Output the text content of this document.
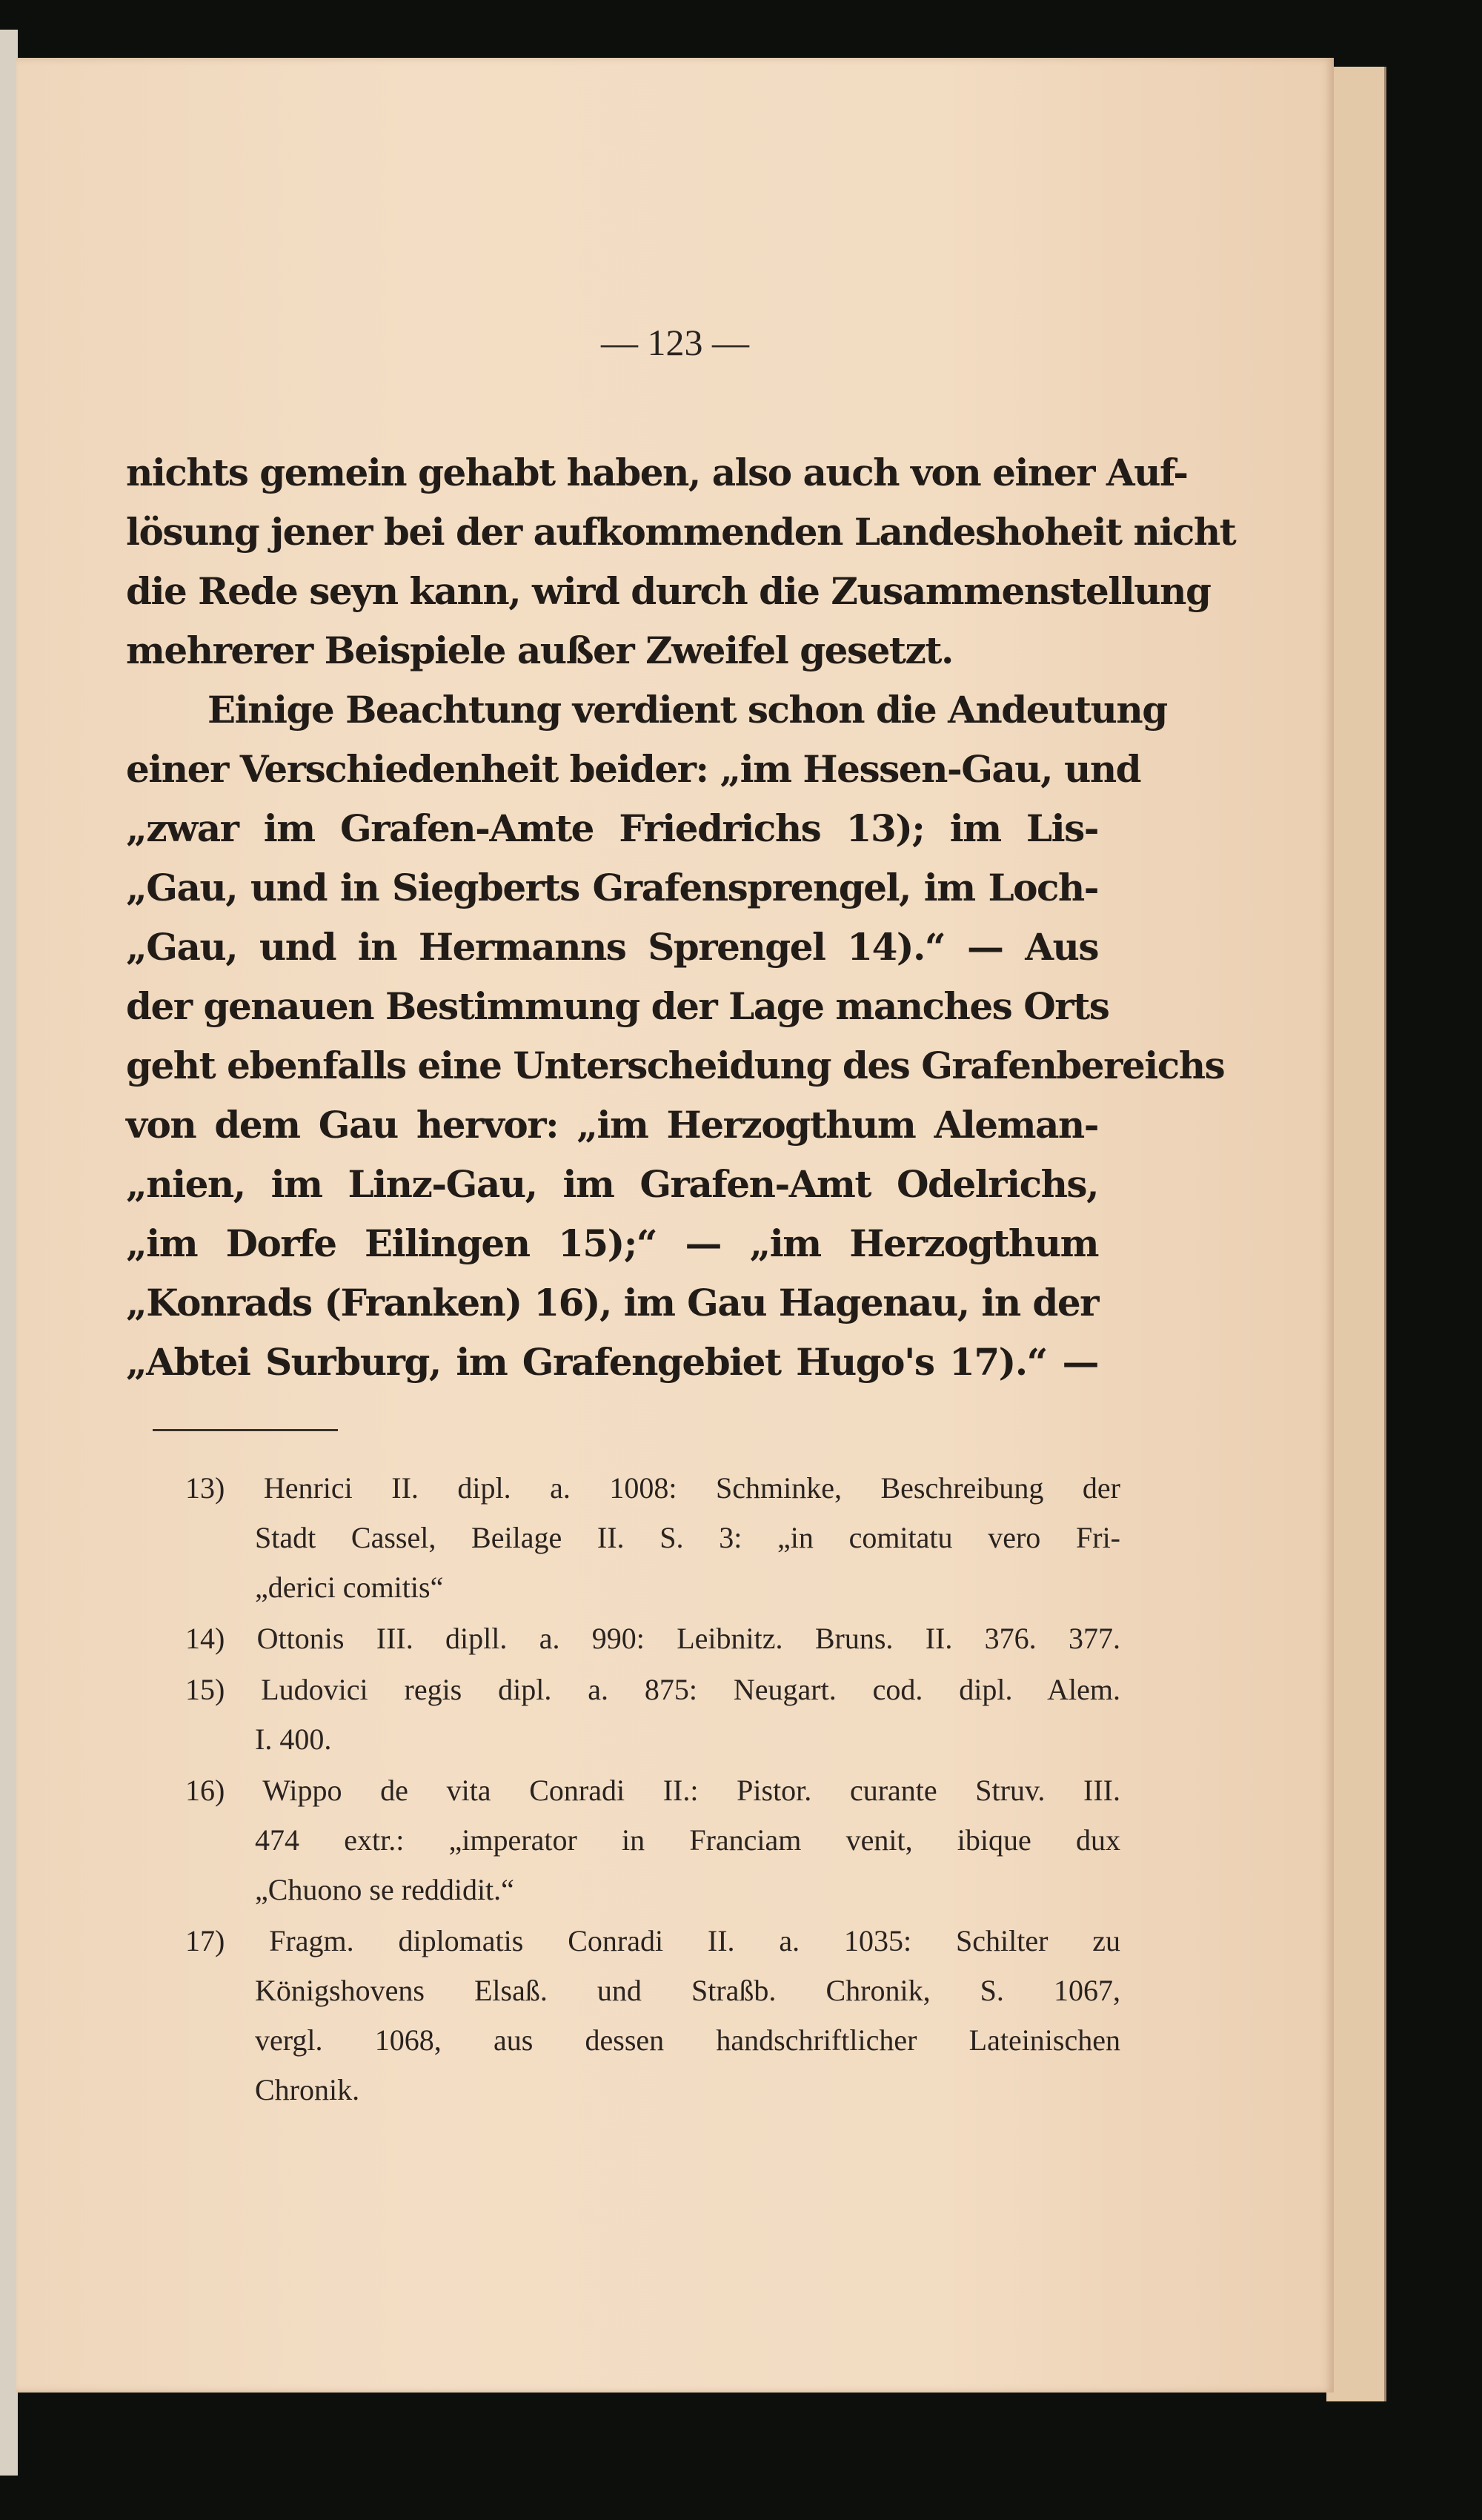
— 123 —
nichts gemein gehabt haben, also auch von einer Auf-
lösung jener bei der aufkommenden Landeshoheit nicht
die Rede seyn kann, wird durch die Zusammenstellung
mehrerer Beispiele außer Zweifel gesetzt.
Einige Beachtung verdient schon die Andeutung
einer Verschiedenheit beider: „im Hessen-Gau, und
„zwar im Grafen-Amte Friedrichs 13); im Lis-
„Gau, und in Siegberts Grafensprengel, im Loch-
„Gau, und in Hermanns Sprengel 14).“ — Aus
der genauen Bestimmung der Lage manches Orts
geht ebenfalls eine Unterscheidung des Grafenbereichs
von dem Gau hervor: „im Herzogthum Aleman-
„nien, im Linz-Gau, im Grafen-Amt Odelrichs,
„im Dorfe Eilingen 15);“ — „im Herzogthum
„Konrads (Franken) 16), im Gau Hagenau, in der
„Abtei Surburg, im Grafengebiet Hugo's 17).“ —
13) Henrici II. dipl. a. 1008: Schminke, Beschreibung der
Stadt Cassel, Beilage II. S. 3: „in comitatu vero Fri-
„derici comitis“
14) Ottonis III. dipll. a. 990: Leibnitz. Bruns. II. 376. 377.
15) Ludovici regis dipl. a. 875: Neugart. cod. dipl. Alem.
I. 400.
16) Wippo de vita Conradi II.: Pistor. curante Struv. III.
474 extr.: „imperator in Franciam venit, ibique dux
„Chuono se reddidit.“
17) Fragm. diplomatis Conradi II. a. 1035: Schilter zu
Königshovens Elsaß. und Straßb. Chronik, S. 1067,
vergl. 1068, aus dessen handschriftlicher Lateinischen
Chronik.
